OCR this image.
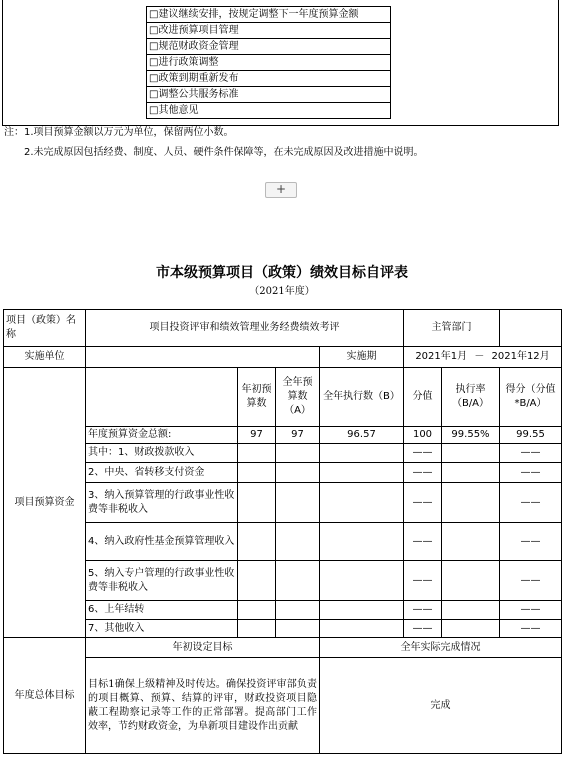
□建议继续安排，按规定调整下一年度预算金额
□改进预算项目管理
□规范财政资金管理
□进行政策调整
□政策到期重新发布
□调整公共服务标准
□其他意见
注：1.项目预算金额以万元为单位，保留两位小数。
2.未完成原因包括经费、制度、人员、硬件条件保障等，在未完成原因及改进措施中说明。
+
市本级预算项目（政策）绩效目标自评表
（2021年度）
项目（政策）名称	项目投资评审和绩效管理业务经费绩效考评				主管部门		
实施单位				实施期	2021年1月 － 2021年12月		
项目预算资金		年初预算数	全年预算数（A）	全年执行数（B）	分值	执行率（B/A）	得分（分值*B/A）
	年度预算资金总额:	97	97	96.57	100	99.55%	99.55
	其中：1、财政拨款收入				——		——
	2、中央、省转移支付资金				——		——
	3、纳入预算管理的行政事业性收费等非税收入				——		——
	4、纳入政府性基金预算管理收入				——		——
	5、纳入专户管理的行政事业性收费等非税收入				——		——
	6、上年结转				——		——
	7、其他收入				——		——
年度总体目标	年初设定目标			全年实际完成情况			
	目标1确保上级精神及时传达。确保投资评审部负责的项目概算、预算、结算的评审，财政投资项目隐蔽工程勘察记录等工作的正常部署。提高部门工作效率，节约财政资金，为阜新项目建设作出贡献			完成			
